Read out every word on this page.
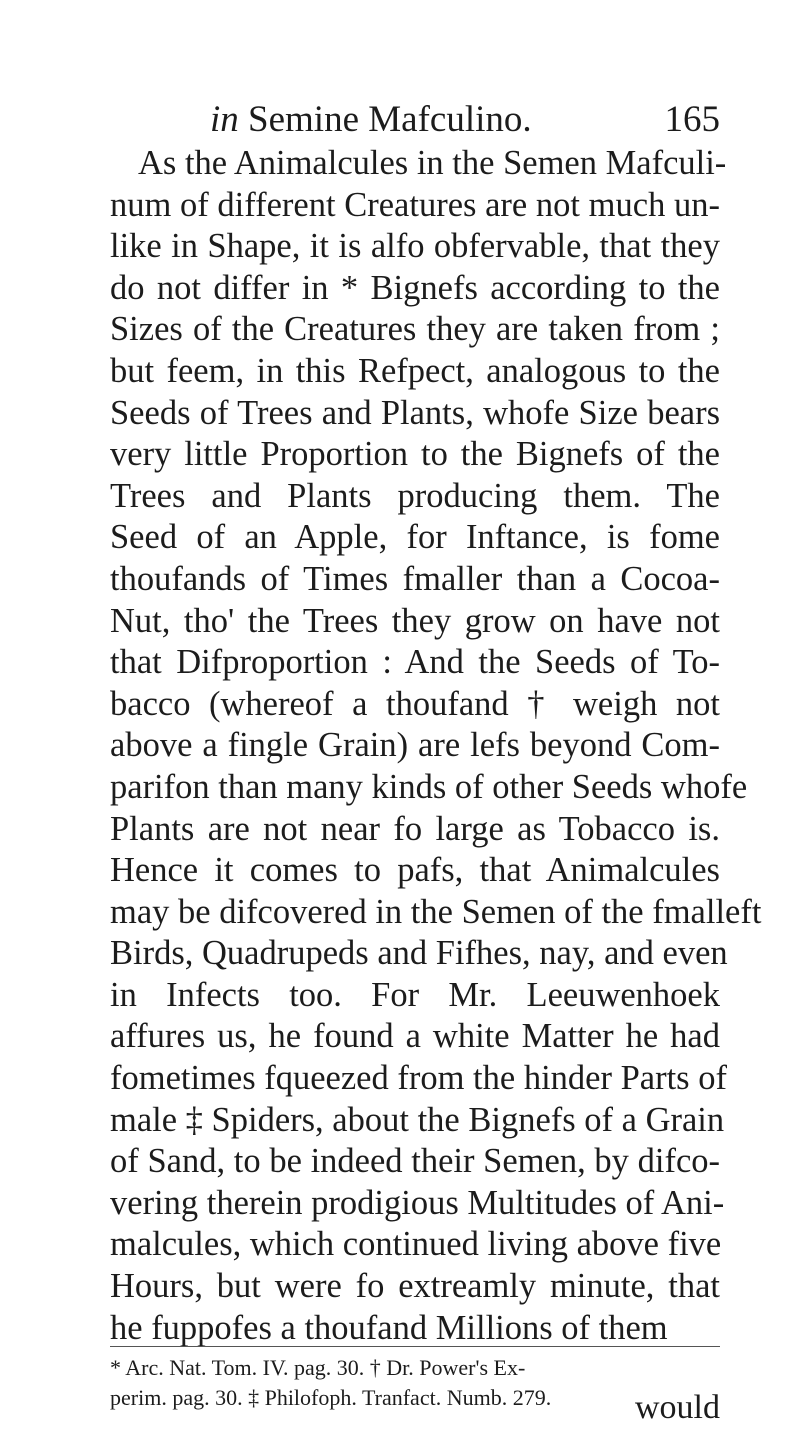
in Semine Mafculino.	165
As the Animalcules in the Semen Mafculi-
num of different Creatures are not much un-
like in Shape, it is alfo obfervable, that they
do not differ in * Bignefs according to the
Sizes of the Creatures they are taken from ;
but feem, in this Refpect, analogous to the
Seeds of Trees and Plants, whofe Size bears
very little Proportion to the Bignefs of the
Trees and Plants producing them. The
Seed of an Apple, for Inftance, is fome
thoufands of Times fmaller than a Cocoa-
Nut, tho' the Trees they grow on have not
that Difproportion : And the Seeds of To-
bacco (whereof a thoufand † weigh not
above a fingle Grain) are lefs beyond Com-
parifon than many kinds of other Seeds whofe
Plants are not near fo large as Tobacco is.
Hence it comes to pafs, that Animalcules
may be difcovered in the Semen of the fmalleft
Birds, Quadrupeds and Fifhes, nay, and even
in Infects too. For Mr. Leeuwenhoek
affures us, he found a white Matter he had
fometimes fqueezed from the hinder Parts of
male ‡ Spiders, about the Bignefs of a Grain
of Sand, to be indeed their Semen, by difco-
vering therein prodigious Multitudes of Ani-
malcules, which continued living above five
Hours, but were fo extreamly minute, that
he fuppofes a thoufand Millions of them
* Arc. Nat. Tom. IV. pag. 30. † Dr. Power's Ex-
perim. pag. 30. ‡ Philofoph. Tranfact. Numb. 279.	would
